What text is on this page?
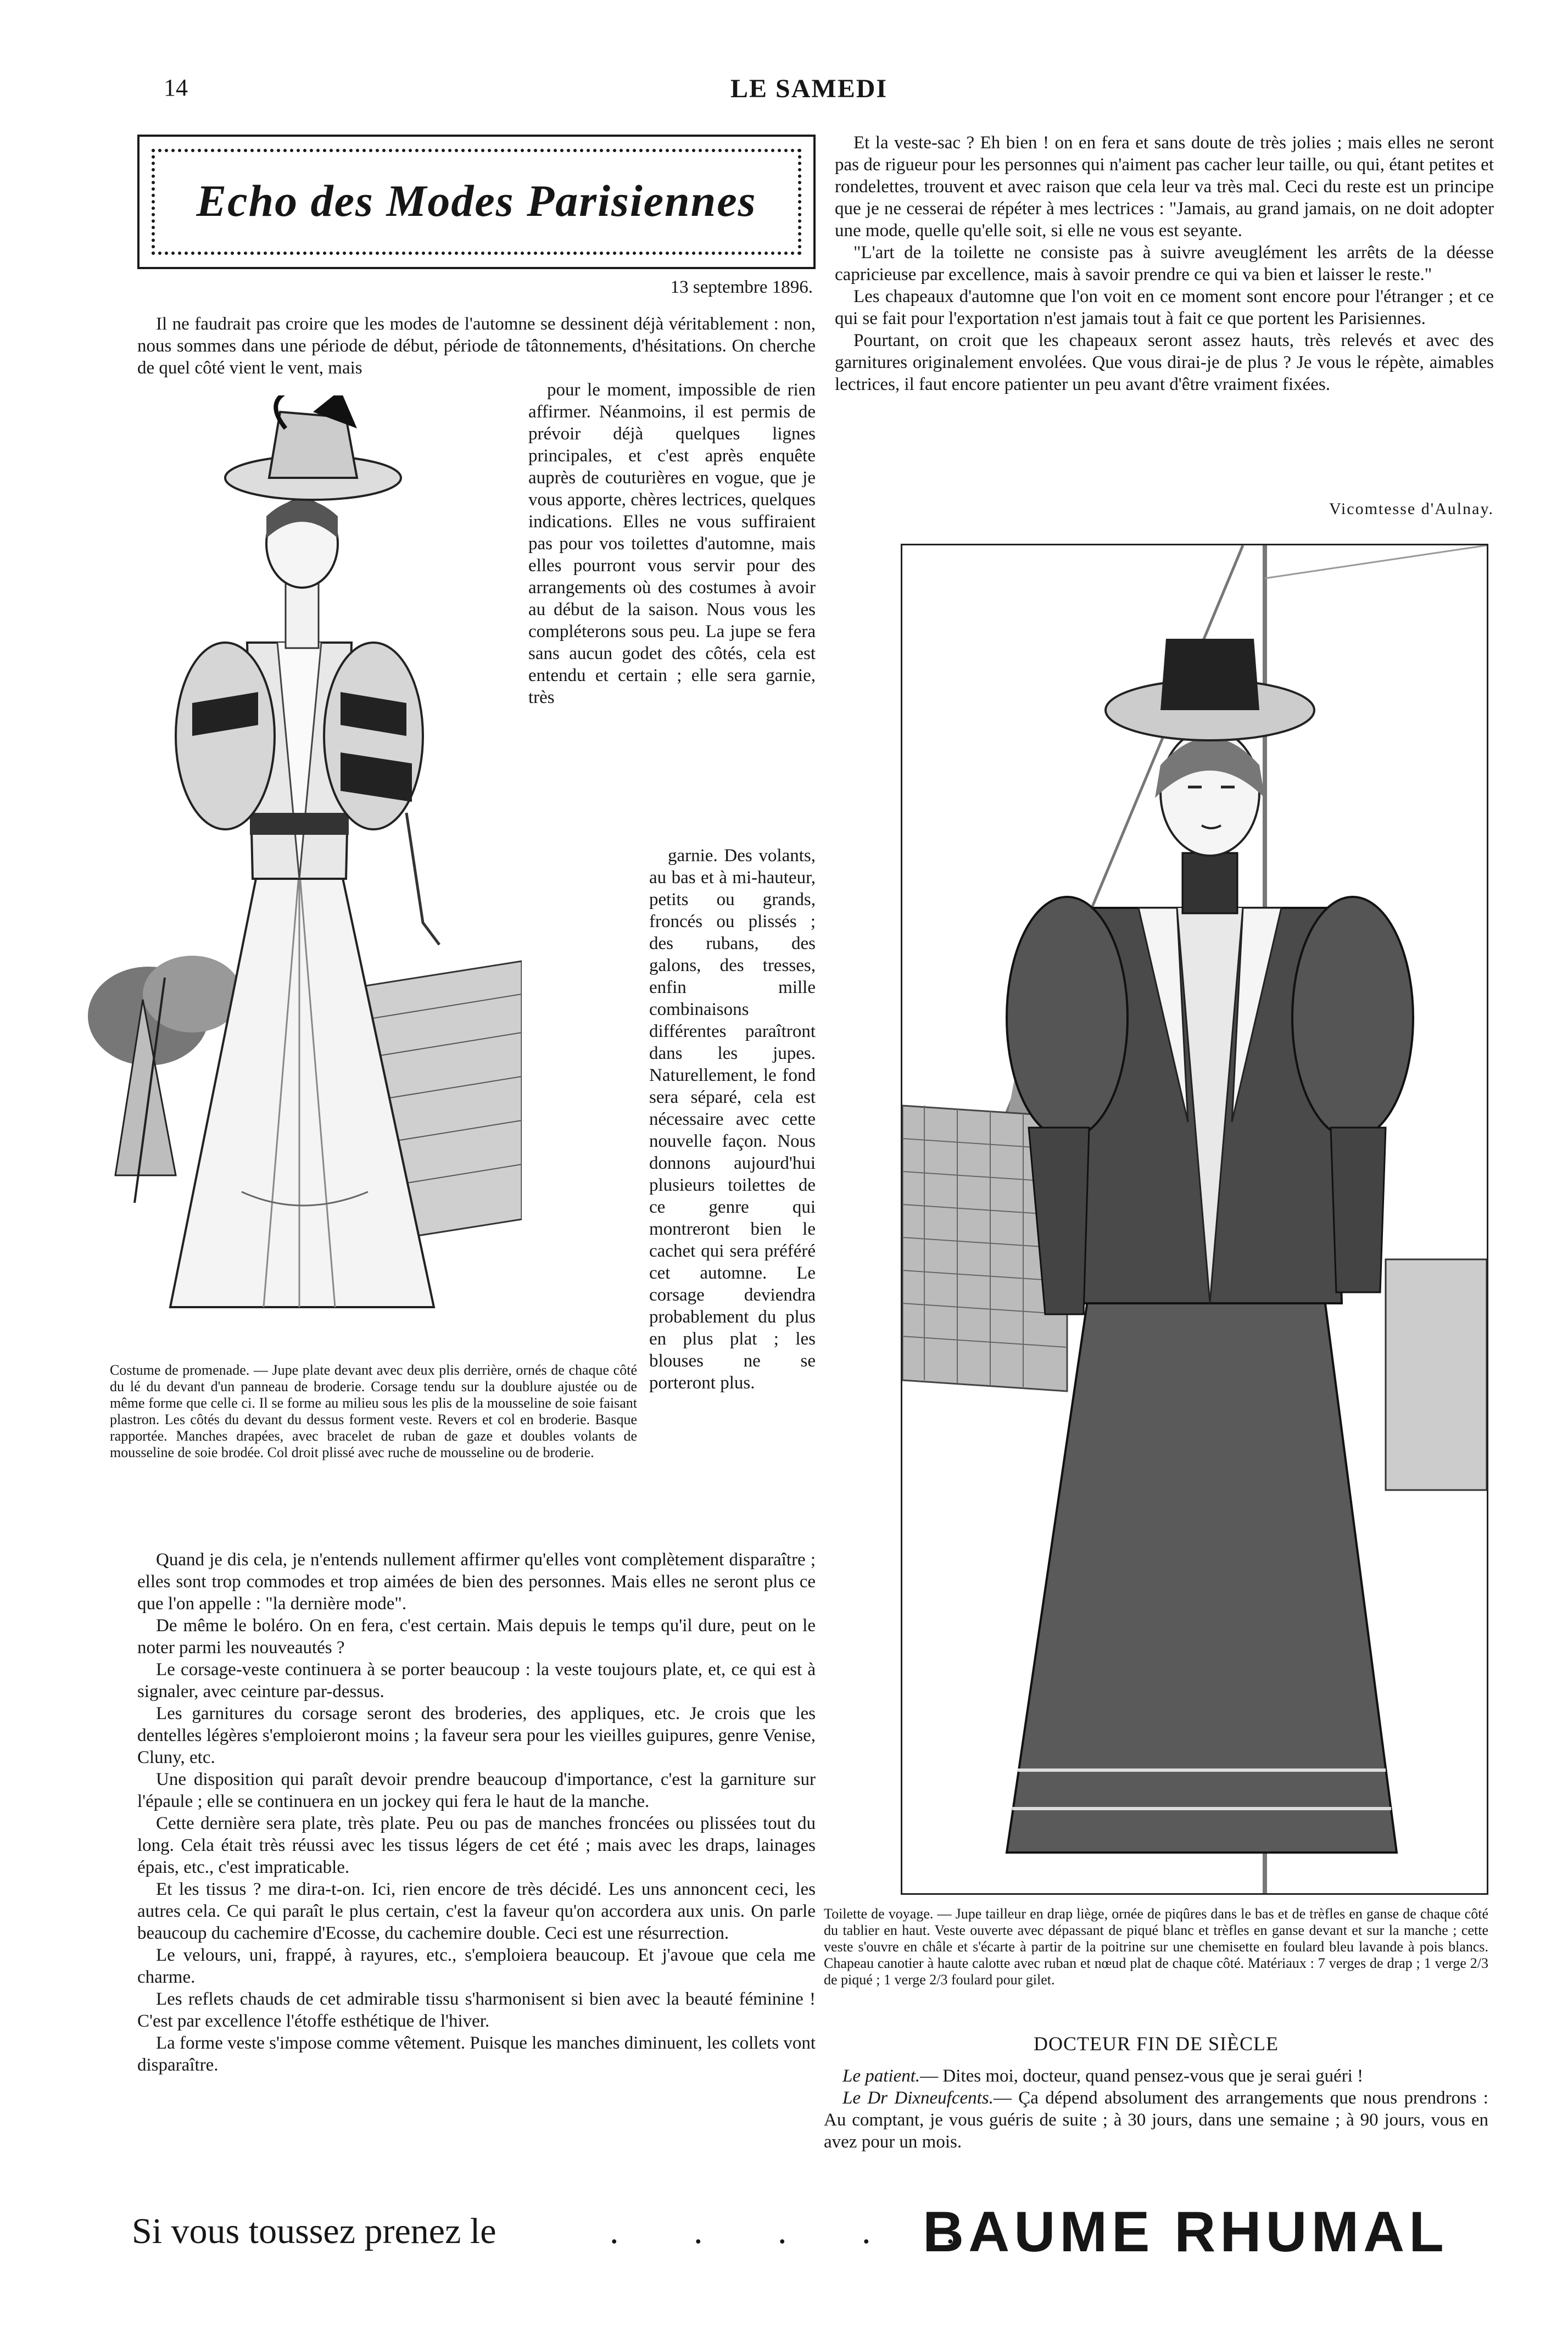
14	LE SAMEDI
Echo des Modes Parisiennes
13 septembre 1896.

Il ne faudrait pas croire que les modes de l'automne se dessinent déjà véritablement : non, nous sommes dans une période de début, période de tâtonnements, d'hésitations. On cherche de quel côté vient le vent, mais

pour le moment, impossible de rien affirmer. Néanmoins, il est permis de prévoir déjà quelques lignes principales, et c'est après enquête auprès de couturières en vogue, que je vous apporte, chères lectrices, quelques indications. Elles ne vous suffiraient pas pour vos toilettes d'automne, mais elles pourront vous servir pour des arrangements où des costumes à avoir au début de la saison. Nous vous les compléterons sous peu. La jupe se fera sans aucun godet des côtés, cela est entendu et certain ; elle sera garnie, très

garnie. Des volants, au bas et à mi-hauteur, petits ou grands, froncés ou plissés ; des rubans, des galons, des tresses, enfin mille combinaisons différentes paraîtront dans les jupes. Naturellement, le fond sera séparé, cela est nécessaire avec cette nouvelle façon. Nous donnons aujourd'hui plusieurs toilettes de ce genre qui montreront bien le cachet qui sera préféré cet automne. Le corsage deviendra probablement du plus en plus plat ; les blouses ne se porteront plus.

Costume de promenade. — Jupe plate devant avec deux plis derrière, ornés de chaque côté du lé du devant d'un panneau de broderie. Corsage tendu sur la doublure ajustée ou de même forme que celle ci. Il se forme au milieu sous les plis de la mousseline de soie faisant plastron. Les côtés du devant du dessus forment veste. Revers et col en broderie. Basque rapportée. Manches drapées, avec bracelet de ruban de gaze et doubles volants de mousseline de soie brodée. Col droit plissé avec ruche de mousseline ou de broderie.

Quand je dis cela, je n'entends nullement affirmer qu'elles vont complètement disparaître ; elles sont trop commodes et trop aimées de bien des personnes. Mais elles ne seront plus ce que l'on appelle : "la dernière mode".

De même le boléro. On en fera, c'est certain. Mais depuis le temps qu'il dure, peut on le noter parmi les nouveautés ?

Le corsage-veste continuera à se porter beaucoup : la veste toujours plate, et, ce qui est à signaler, avec ceinture par-dessus.

Les garnitures du corsage seront des broderies, des appliques, etc. Je crois que les dentelles légères s'emploieront moins ; la faveur sera pour les vieilles guipures, genre Venise, Cluny, etc.

Une disposition qui paraît devoir prendre beaucoup d'importance, c'est la garniture sur l'épaule ; elle se continuera en un jockey qui fera le haut de la manche.

Cette dernière sera plate, très plate. Peu ou pas de manches froncées ou plissées tout du long. Cela était très réussi avec les tissus légers de cet été ; mais avec les draps, lainages épais, etc., c'est impraticable.

Et les tissus ? me dira-t-on. Ici, rien encore de très décidé. Les uns annoncent ceci, les autres cela. Ce qui paraît le plus certain, c'est la faveur qu'on accordera aux unis. On parle beaucoup du cachemire d'Ecosse, du cachemire double. Ceci est une résurrection.

Le velours, uni, frappé, à rayures, etc., s'emploiera beaucoup. Et j'avoue que cela me charme.

Les reflets chauds de cet admirable tissu s'harmonisent si bien avec la beauté féminine ! C'est par excellence l'étoffe esthétique de l'hiver.

La forme veste s'impose comme vêtement. Puisque les manches diminuent, les collets vont disparaître.

Et la veste-sac ? Eh bien ! on en fera et sans doute de très jolies ; mais elles ne seront pas de rigueur pour les personnes qui n'aiment pas cacher leur taille, ou qui, étant petites et rondelettes, trouvent et avec raison que cela leur va très mal. Ceci du reste est un principe que je ne cesserai de répéter à mes lectrices : "Jamais, au grand jamais, on ne doit adopter une mode, quelle qu'elle soit, si elle ne vous est seyante.

"L'art de la toilette ne consiste pas à suivre aveuglément les arrêts de la déesse capricieuse par excellence, mais à savoir prendre ce qui va bien et laisser le reste."

Les chapeaux d'automne que l'on voit en ce moment sont encore pour l'étranger ; et ce qui se fait pour l'exportation n'est jamais tout à fait ce que portent les Parisiennes.

Pourtant, on croit que les chapeaux seront assez hauts, très relevés et avec des garnitures originalement envolées. Que vous dirai-je de plus ? Je vous le répète, aimables lectrices, il faut encore patienter un peu avant d'être vraiment fixées.

Vicomtesse d'Aulnay.

Toilette de voyage. — Jupe tailleur en drap liège, ornée de piqûres dans le bas et de trèfles en ganse de chaque côté du tablier en haut. Veste ouverte avec dépassant de piqué blanc et trèfles en ganse devant et sur la manche ; cette veste s'ouvre en châle et s'écarte à partir de la poitrine sur une chemisette en foulard bleu lavande à pois blancs. Chapeau canotier à haute calotte avec ruban et nœud plat de chaque côté. Matériaux : 7 verges de drap ; 1 verge 2/3 de piqué ; 1 verge 2/3 foulard pour gilet.

DOCTEUR FIN DE SIÈCLE

Le patient.— Dites moi, docteur, quand pensez-vous que je serai guéri !

Le Dr Dixneufcents.— Ça dépend absolument des arrangements que nous prendrons : Au comptant, je vous guéris de suite ; à 30 jours, dans une semaine ; à 90 jours, vous en avez pour un mois.

Si vous toussez prenez le	. . . . .
BAUME RHUMAL
